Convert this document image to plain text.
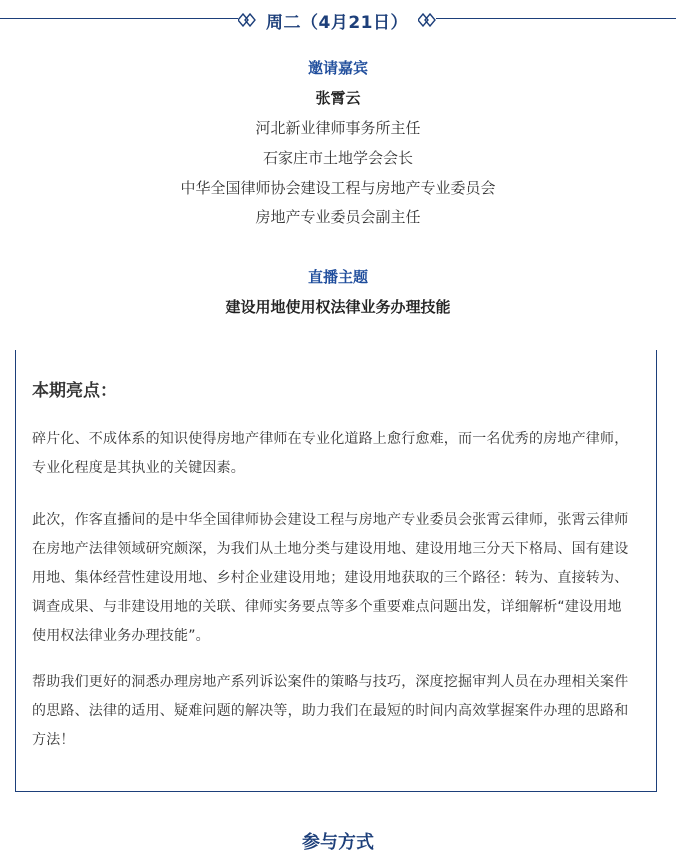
周二（4月21日）
邀请嘉宾
张霄云
河北新业律师事务所主任
石家庄市土地学会会长
中华全国律师协会建设工程与房地产专业委员会
房地产专业委员会副主任
直播主题
建设用地使用权法律业务办理技能
本期亮点：
碎片化、不成体系的知识使得房地产律师在专业化道路上愈行愈难，而一名优秀的房地产律师，专业化程度是其执业的关键因素。
此次，作客直播间的是中华全国律师协会建设工程与房地产专业委员会张霄云律师，张霄云律师在房地产法律领域研究颇深，为我们从土地分类与建设用地、建设用地三分天下格局、国有建设用地、集体经营性建设用地、乡村企业建设用地；建设用地获取的三个路径：转为、直接转为、调查成果、与非建设用地的关联、律师实务要点等多个重要难点问题出发，详细解析“建设用地使用权法律业务办理技能”。
帮助我们更好的洞悉办理房地产系列诉讼案件的策略与技巧，深度挖掘审判人员在办理相关案件的思路、法律的适用、疑难问题的解决等，助力我们在最短的时间内高效掌握案件办理的思路和方法！
参与方式
